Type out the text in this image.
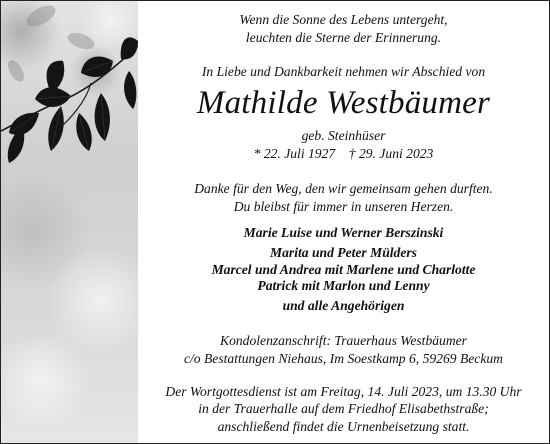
Wenn die Sonne des Lebens untergeht,
leuchten die Sterne der Erinnerung.
In Liebe und Dankbarkeit nehmen wir Abschied von
Mathilde Westbäumer
geb. Steinhüser
* 22. Juli 1927    † 29. Juni 2023
Danke für den Weg, den wir gemeinsam gehen durften.
Du bleibst für immer in unseren Herzen.
Marie Luise und Werner Berszinski
Marita und Peter Mülders
Marcel und Andrea mit Marlene und Charlotte
Patrick mit Marlon und Lenny
und alle Angehörigen
Kondolenzanschrift: Trauerhaus Westbäumer
c/o Bestattungen Niehaus, Im Soestkamp 6, 59269 Beckum
Der Wortgottesdienst ist am Freitag, 14. Juli 2023, um 13.30 Uhr
in der Trauerhalle auf dem Friedhof Elisabethstraße;
anschließend findet die Urnenbeisetzung statt.
